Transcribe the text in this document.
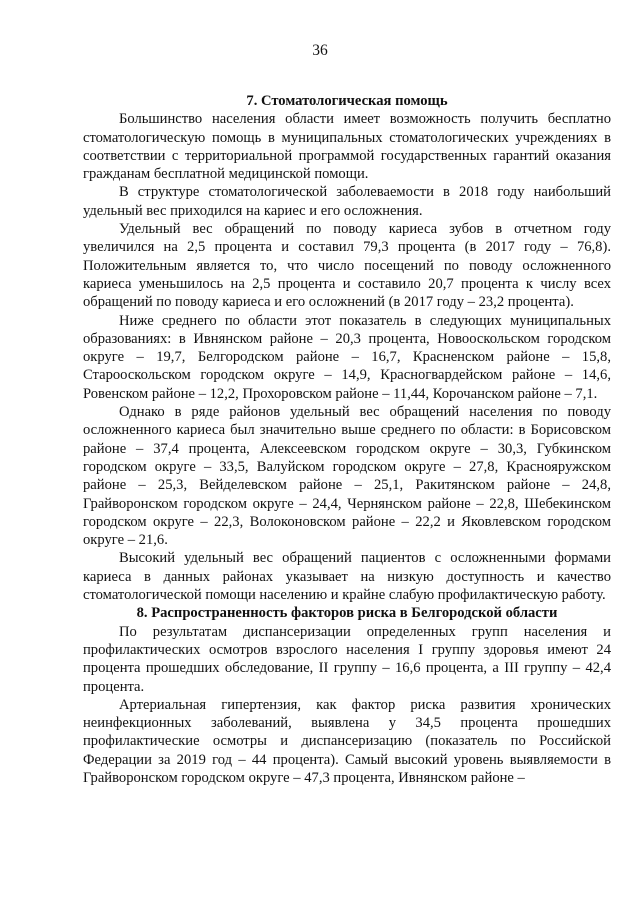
36
7. Стоматологическая помощь

Большинство населения области имеет возможность получить бесплатно стоматологическую помощь в муниципальных стоматологических учреждениях в соответствии с территориальной программой государственных гарантий оказания гражданам бесплатной медицинской помощи.

В структуре стоматологической заболеваемости в 2018 году наибольший удельный вес приходился на кариес и его осложнения.

Удельный вес обращений по поводу кариеса зубов в отчетном году увеличился на 2,5 процента и составил 79,3 процента (в 2017 году – 76,8). Положительным является то, что число посещений по поводу осложненного кариеса уменьшилось на 2,5 процента и составило 20,7 процента к числу всех обращений по поводу кариеса и его осложнений (в 2017 году – 23,2 процента).

Ниже среднего по области этот показатель в следующих муниципальных образованиях: в Ивнянском районе – 20,3 процента, Новооскольском городском округе – 19,7, Белгородском районе – 16,7, Красненском районе – 15,8, Старооскольском городском округе – 14,9, Красногвардейском районе – 14,6, Ровенском районе – 12,2, Прохоровском районе – 11,44, Корочанском районе – 7,1.

Однако в ряде районов удельный вес обращений населения по поводу осложненного кариеса был значительно выше среднего по области: в Борисовском районе – 37,4 процента, Алексеевском городском округе – 30,3, Губкинском городском округе – 33,5, Валуйском городском округе – 27,8, Краснояружском районе – 25,3, Вейделевском районе – 25,1, Ракитянском районе – 24,8, Грайворонском городском округе – 24,4, Чернянском районе – 22,8, Шебекинском городском округе – 22,3, Волоконовском районе – 22,2 и Яковлевском городском округе – 21,6.

Высокий удельный вес обращений пациентов с осложненными формами кариеса в данных районах указывает на низкую доступность и качество стоматологической помощи населению и крайне слабую профилактическую работу.

8. Распространенность факторов риска в Белгородской области

По результатам диспансеризации определенных групп населения и профилактических осмотров взрослого населения I группу здоровья имеют 24 процента прошедших обследование, II группу – 16,6 процента, а III группу – 42,4 процента.

Артериальная гипертензия, как фактор риска развития хронических неинфекционных заболеваний, выявлена у 34,5 процента прошедших профилактические осмотры и диспансеризацию (показатель по Российской Федерации за 2019 год – 44 процента). Самый высокий уровень выявляемости в Грайворонском городском округе – 47,3 процента, Ивнянском районе –
